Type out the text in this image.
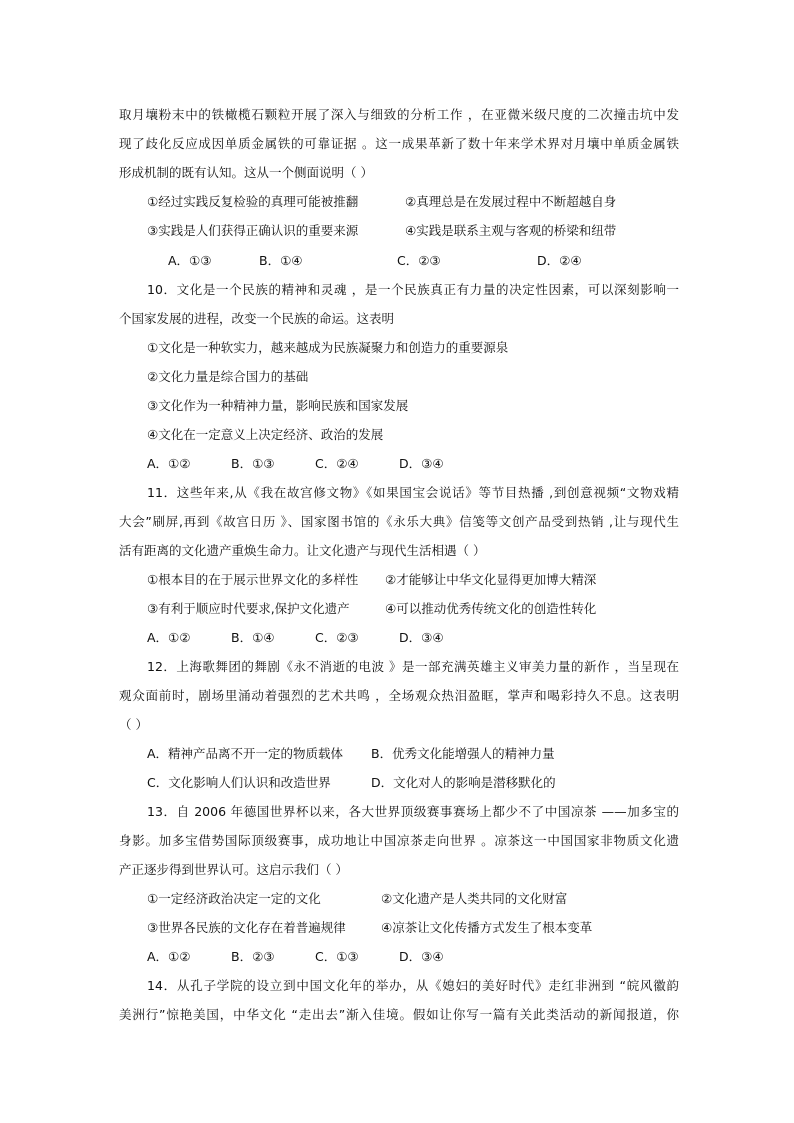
取月壤粉末中的铁橄榄石颗粒开展了深入与细致的分析工作 ，在亚微米级尺度的二次撞击坑中发
现了歧化反应成因单质金属铁的可靠证据 。这一成果革新了数十年来学术界对月壤中单质金属铁
形成机制的既有认知。这从一个侧面说明（ ）
①经过实践反复检验的真理可能被推翻	②真理总是在发展过程中不断超越自身
③实践是人们获得正确认识的重要来源	④实践是联系主观与客观的桥梁和纽带
A．①③	B．①④	C．②③	D．②④
10．文化是一个民族的精神和灵魂 ，是一个民族真正有力量的决定性因素，可以深刻影响一
个国家发展的进程，改变一个民族的命运。这表明
①文化是一种软实力，越来越成为民族凝聚力和创造力的重要源泉
②文化力量是综合国力的基础
③文化作为一种精神力量，影响民族和国家发展
④文化在一定意义上决定经济、政治的发展
A．①②	B．①③	C．②④	D．③④
11．这些年来,从《我在故宫修文物》《如果国宝会说话》等节目热播 ,到创意视频“文物戏精
大会”刷屏,再到《故宫日历 》、国家图书馆的《永乐大典》信笺等文创产品受到热销 ,让与现代生
活有距离的文化遗产重焕生命力。让文化遗产与现代生活相遇（ ）
①根本目的在于展示世界文化的多样性 ②才能够让中华文化显得更加博大精深
③有利于顺应时代要求,保护文化遗产	④可以推动优秀传统文化的创造性转化
A．①②	B．①④	C．②③	D．③④
12．上海歌舞团的舞剧《永不消逝的电波 》是一部充满英雄主义审美力量的新作 ，当呈现在
观众面前时，剧场里涌动着强烈的艺术共鸣 ，全场观众热泪盈眶，掌声和喝彩持久不息。这表明
（ ）
A．精神产品离不开一定的物质载体 B．优秀文化能增强人的精神力量
C．文化影响人们认识和改造世界	D．文化对人的影响是潜移默化的
13．自 2006 年德国世界杯以来，各大世界顶级赛事赛场上都少不了中国凉茶 ——加多宝的
身影。加多宝借势国际顶级赛事，成功地让中国凉茶走向世界 。凉茶这一中国国家非物质文化遗
产正逐步得到世界认可。这启示我们（ ）
①一定经济政治决定一定的文化	②文化遗产是人类共同的文化财富
③世界各民族的文化存在着普遍规律	④凉茶让文化传播方式发生了根本变革
A．①②	B．②③	C．①③	D．③④
14．从孔子学院的设立到中国文化年的举办，从《媳妇的美好时代》走红非洲到 “皖风徽韵
美洲行”惊艳美国，中华文化 “走出去”渐入佳境。假如让你写一篇有关此类活动的新闻报道，你
